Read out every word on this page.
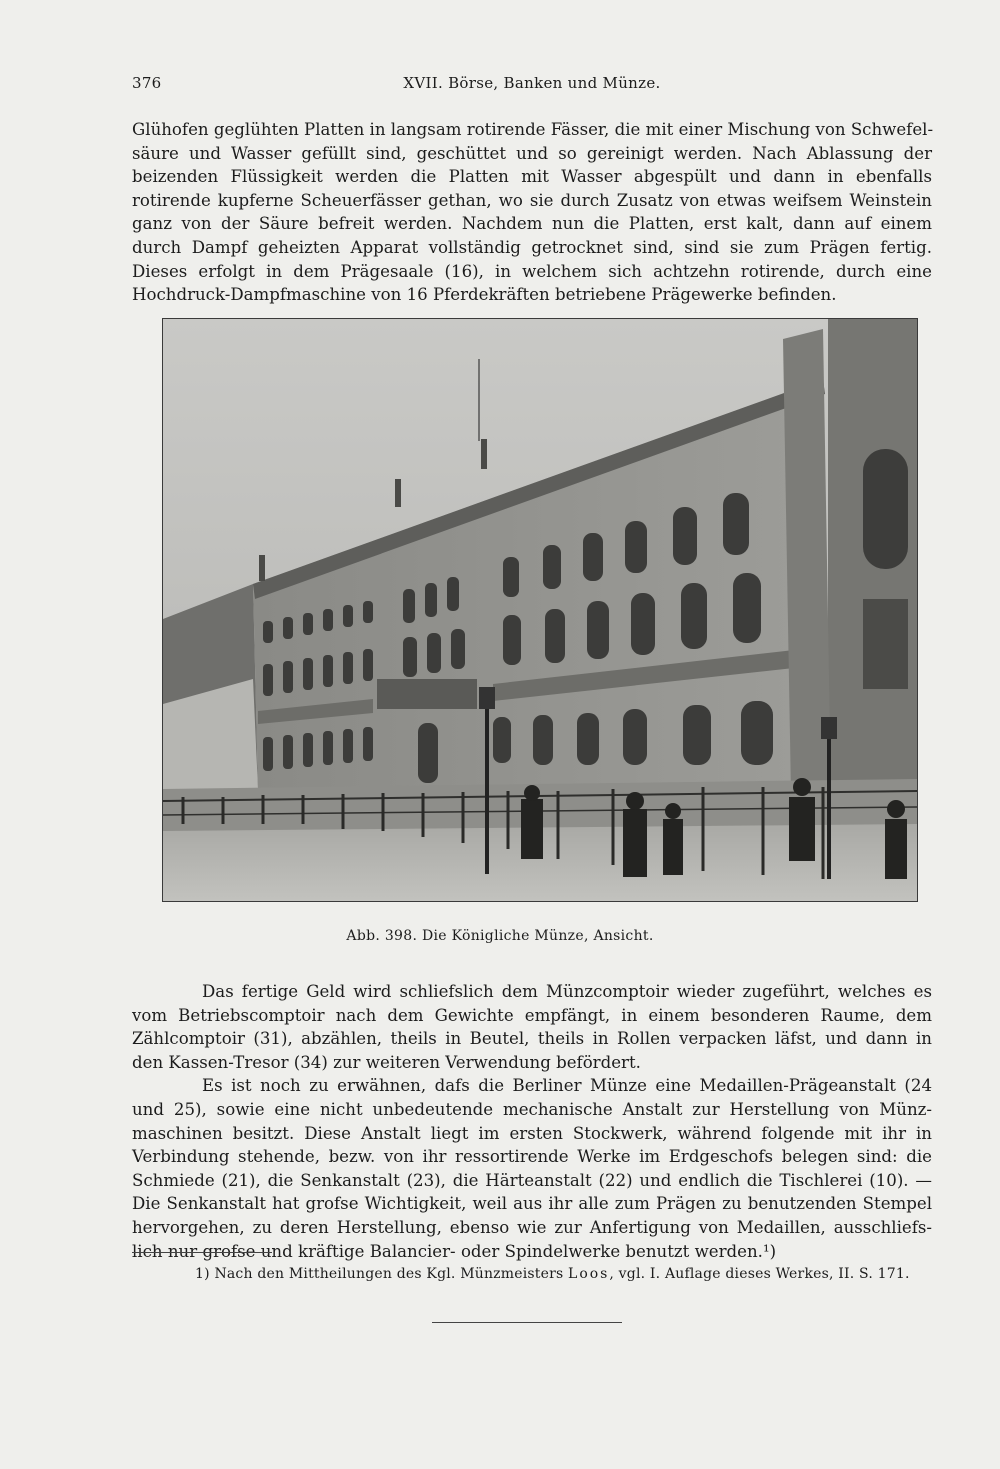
376	XVII. Börse, Banken und Münze.
Glühofen geglühten Platten in langsam rotirende Fässer, die mit einer Mischung von Schwefel-
säure und Wasser gefüllt sind, geschüttet und so gereinigt werden. Nach Ablassung der
beizenden Flüssigkeit werden die Platten mit Wasser abgespült und dann in ebenfalls
rotirende kupferne Scheuerfässer gethan, wo sie durch Zusatz von etwas weifsem Weinstein
ganz von der Säure befreit werden. Nachdem nun die Platten, erst kalt, dann auf einem
durch Dampf geheizten Apparat vollständig getrocknet sind, sind sie zum Prägen fertig.
Dieses erfolgt in dem Prägesaale (16), in welchem sich achtzehn rotirende, durch eine
Hochdruck-Dampfmaschine von 16 Pferdekräften betriebene Prägewerke befinden.
Abb. 398. Die Königliche Münze, Ansicht.
Das fertige Geld wird schliefslich dem Münzcomptoir wieder zugeführt, welches es
vom Betriebscomptoir nach dem Gewichte empfängt, in einem besonderen Raume, dem
Zählcomptoir (31), abzählen, theils in Beutel, theils in Rollen verpacken läfst, und dann in
den Kassen-Tresor (34) zur weiteren Verwendung befördert.
Es ist noch zu erwähnen, dafs die Berliner Münze eine Medaillen-Prägeanstalt (24
und 25), sowie eine nicht unbedeutende mechanische Anstalt zur Herstellung von Münz-
maschinen besitzt. Diese Anstalt liegt im ersten Stockwerk, während folgende mit ihr in
Verbindung stehende, bezw. von ihr ressortirende Werke im Erdgeschofs belegen sind: die
Schmiede (21), die Senkanstalt (23), die Härteanstalt (22) und endlich die Tischlerei (10). —
Die Senkanstalt hat grofse Wichtigkeit, weil aus ihr alle zum Prägen zu benutzenden Stempel
hervorgehen, zu deren Herstellung, ebenso wie zur Anfertigung von Medaillen, ausschliefs-
lich nur grofse und kräftige Balancier- oder Spindelwerke benutzt werden.¹)
1) Nach den Mittheilungen des Kgl. Münzmeisters Loos, vgl. I. Auflage dieses Werkes, II. S. 171.
